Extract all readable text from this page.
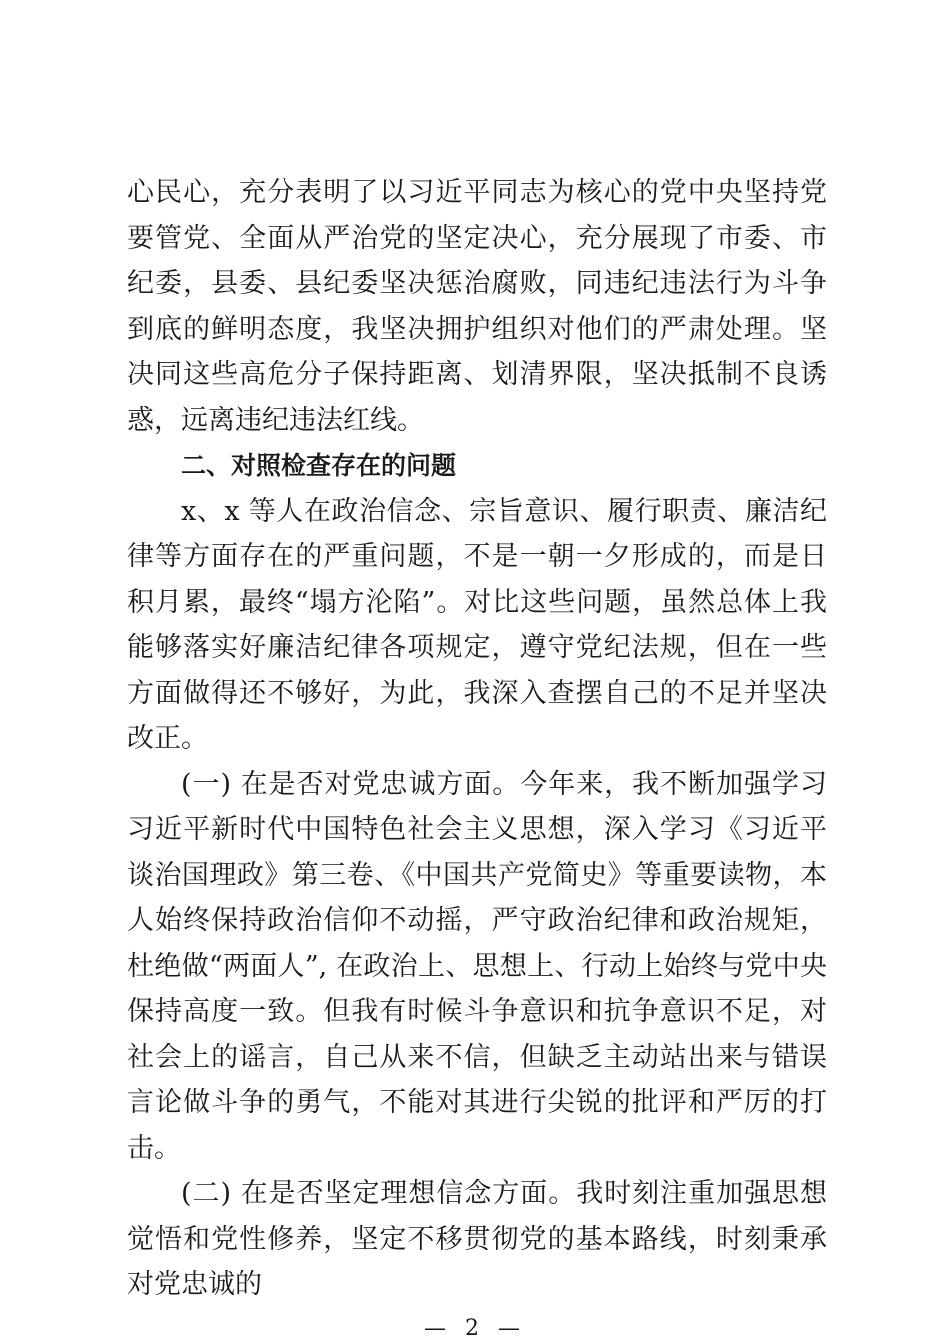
心民心，充分表明了以习近平同志为核心的党中央坚持党要管党、全面从严治党的坚定决心，充分展现了市委、市纪委，县委、县纪委坚决惩治腐败，同违纪违法行为斗争到底的鲜明态度，我坚决拥护组织对他们的严肃处理。坚决同这些高危分子保持距离、划清界限，坚决抵制不良诱惑，远离违纪违法红线。

二、对照检查存在的问题

x、x 等人在政治信念、宗旨意识、履行职责、廉洁纪律等方面存在的严重问题，不是一朝一夕形成的，而是日积月累，最终“塌方沦陷”。对比这些问题，虽然总体上我能够落实好廉洁纪律各项规定，遵守党纪法规，但在一些方面做得还不够好，为此，我深入查摆自己的不足并坚决改正。

(一) 在是否对党忠诚方面。今年来，我不断加强学习习近平新时代中国特色社会主义思想，深入学习《习近平谈治国理政》第三卷、《中国共产党简史》等重要读物，本人始终保持政治信仰不动摇，严守政治纪律和政治规矩，杜绝做“两面人”, 在政治上、思想上、行动上始终与党中央保持高度一致。但我有时候斗争意识和抗争意识不足，对社会上的谣言，自己从来不信，但缺乏主动站出来与错误言论做斗争的勇气，不能对其进行尖锐的批评和严厉的打击。

(二) 在是否坚定理想信念方面。我时刻注重加强思想觉悟和党性修养，坚定不移贯彻党的基本路线，时刻秉承对党忠诚的

— 2 —
